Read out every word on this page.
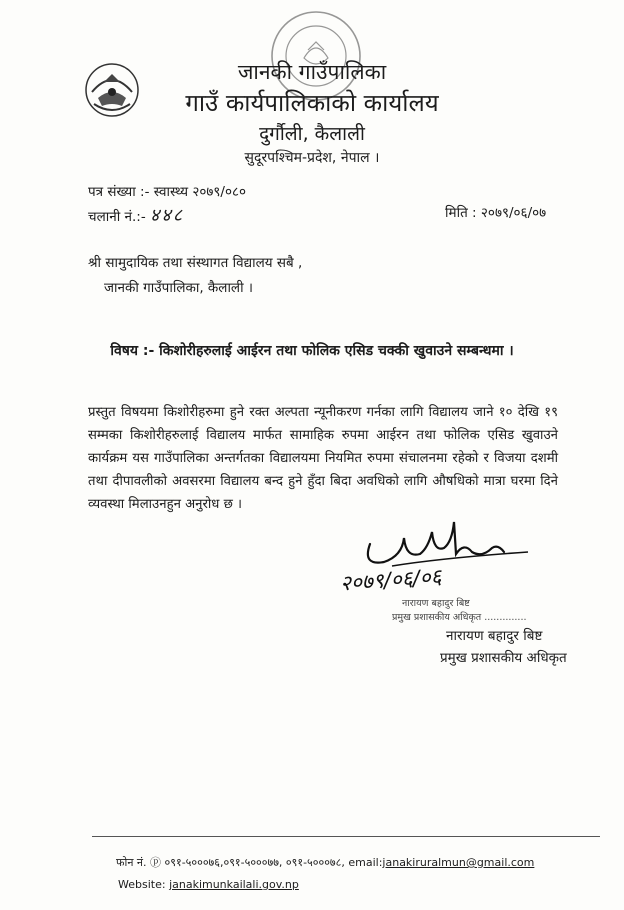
जानकी गाउँपालिका
गाउँ कार्यपालिकाको कार्यालय
दुर्गौली, कैलाली
सुदूरपश्चिम-प्रदेश, नेपाल ।
पत्र संख्या :- स्वास्थ्य २०७९/०८०
चलानी नं.:- ४४८	मिति : २०७९/०६/०७
श्री सामुदायिक तथा संस्थागत विद्यालय सबै ,
जानकी गाउँपालिका, कैलाली ।
विषय :- किशोरीहरुलाई आईरन तथा फोलिक एसिड चक्की खुवाउने सम्बन्धमा ।
प्रस्तुत विषयमा किशोरीहरुमा हुने रक्त अल्पता न्यूनीकरण गर्नका लागि विद्यालय जाने १० देखि १९ सम्मका किशोरीहरुलाई विद्यालय मार्फत सामाहिक रुपमा आईरन तथा फोलिक एसिड खुवाउने कार्यक्रम यस गाउँपालिका अन्तर्गतका विद्यालयमा नियमित रुपमा संचालनमा रहेको र विजया दशमी तथा दीपावलीको अवसरमा विद्यालय बन्द हुने हुँदा बिदा अवधिको लागि औषधिको मात्रा घरमा दिने व्यवस्था मिलाउनहुन अनुरोध छ ।
२०७९/०६/०६
नारायण बहादुर बिष्ट
प्रमुख प्रशासकीय अधिकृत ..............
नारायण बहादुर बिष्ट
प्रमुख प्रशासकीय अधिकृत
फोन नं. ⓟ ०९१-५०००७६,०९१-५०००७७, ०९१-५०००७८, email:janakiruralmun@gmail.com
Website: janakimunkailali.gov.np
